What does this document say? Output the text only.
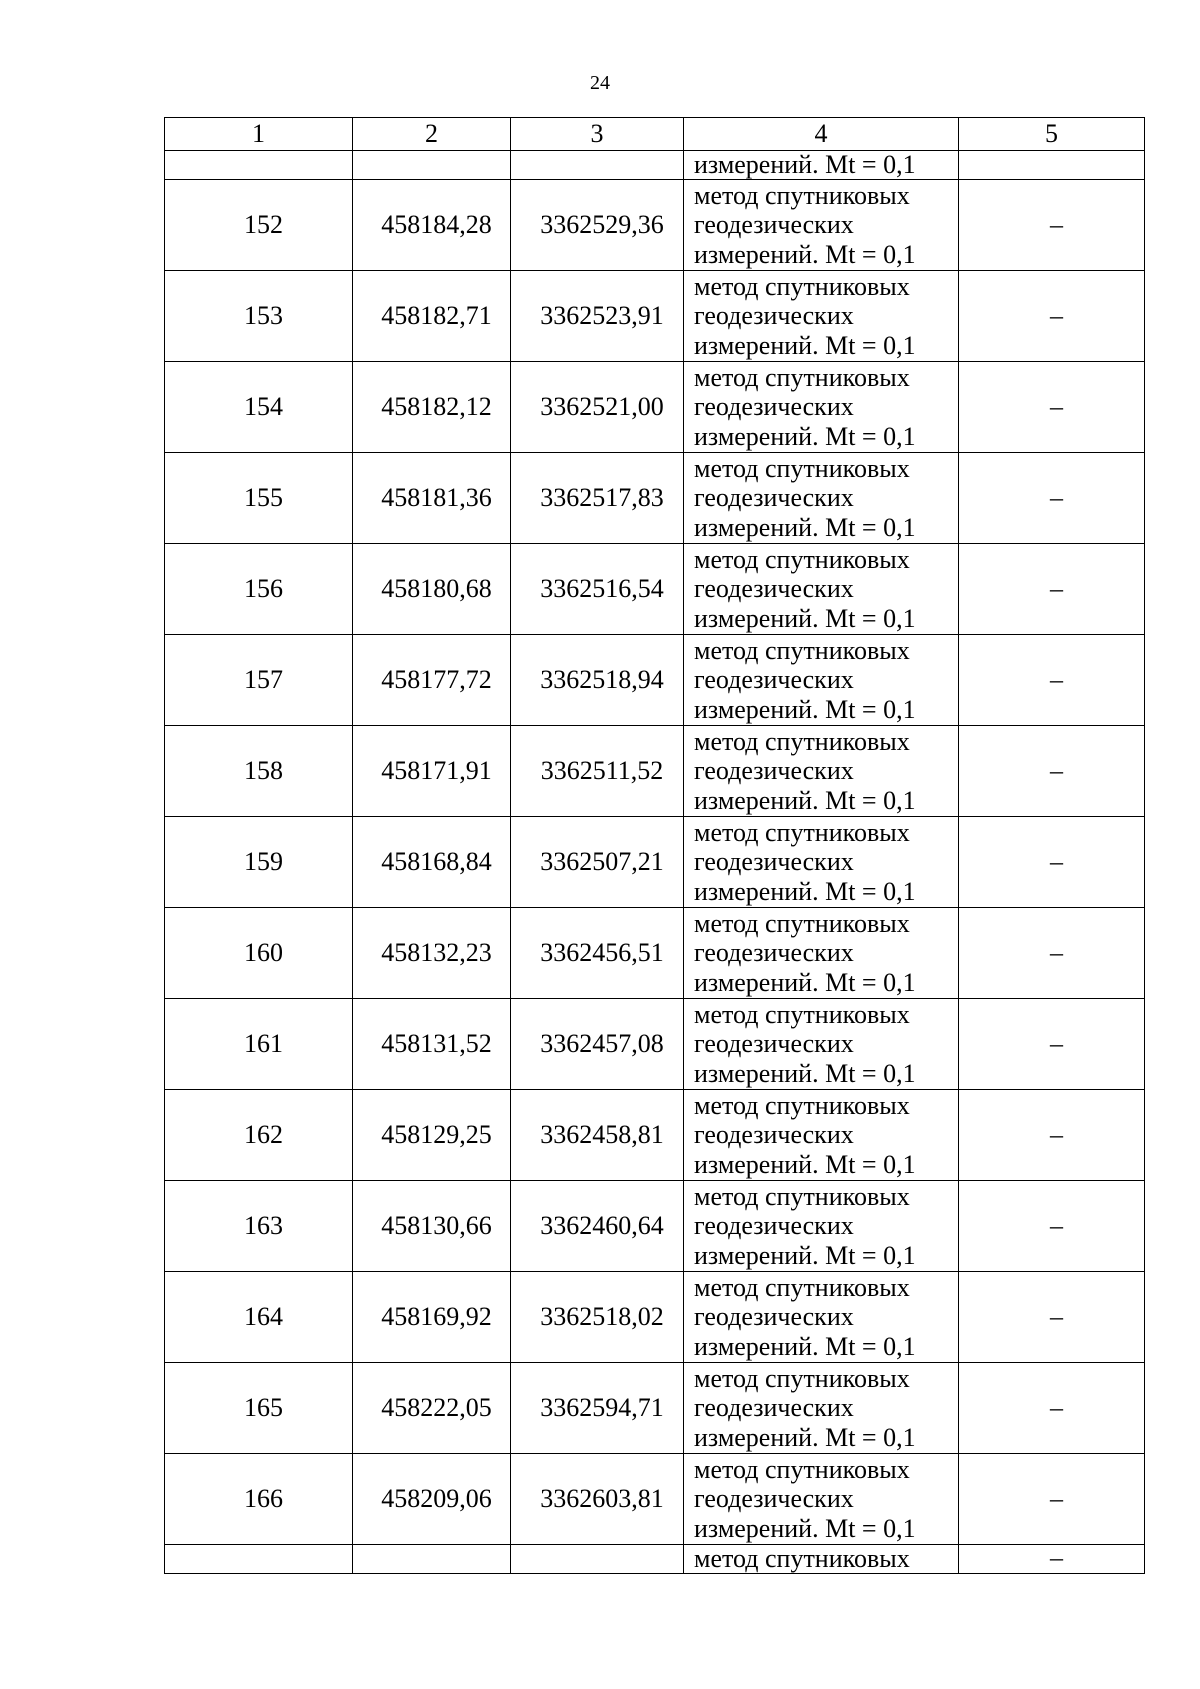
24
1	2	3	4	5
			измерений. Mt = 0,1	
152	458184,28	3362529,36	метод спутниковых
геодезических
измерений. Mt = 0,1	–
153	458182,71	3362523,91	метод спутниковых
геодезических
измерений. Mt = 0,1	–
154	458182,12	3362521,00	метод спутниковых
геодезических
измерений. Mt = 0,1	–
155	458181,36	3362517,83	метод спутниковых
геодезических
измерений. Mt = 0,1	–
156	458180,68	3362516,54	метод спутниковых
геодезических
измерений. Mt = 0,1	–
157	458177,72	3362518,94	метод спутниковых
геодезических
измерений. Mt = 0,1	–
158	458171,91	3362511,52	метод спутниковых
геодезических
измерений. Mt = 0,1	–
159	458168,84	3362507,21	метод спутниковых
геодезических
измерений. Mt = 0,1	–
160	458132,23	3362456,51	метод спутниковых
геодезических
измерений. Mt = 0,1	–
161	458131,52	3362457,08	метод спутниковых
геодезических
измерений. Mt = 0,1	–
162	458129,25	3362458,81	метод спутниковых
геодезических
измерений. Mt = 0,1	–
163	458130,66	3362460,64	метод спутниковых
геодезических
измерений. Mt = 0,1	–
164	458169,92	3362518,02	метод спутниковых
геодезических
измерений. Mt = 0,1	–
165	458222,05	3362594,71	метод спутниковых
геодезических
измерений. Mt = 0,1	–
166	458209,06	3362603,81	метод спутниковых
геодезических
измерений. Mt = 0,1	–
			метод спутниковых	–
